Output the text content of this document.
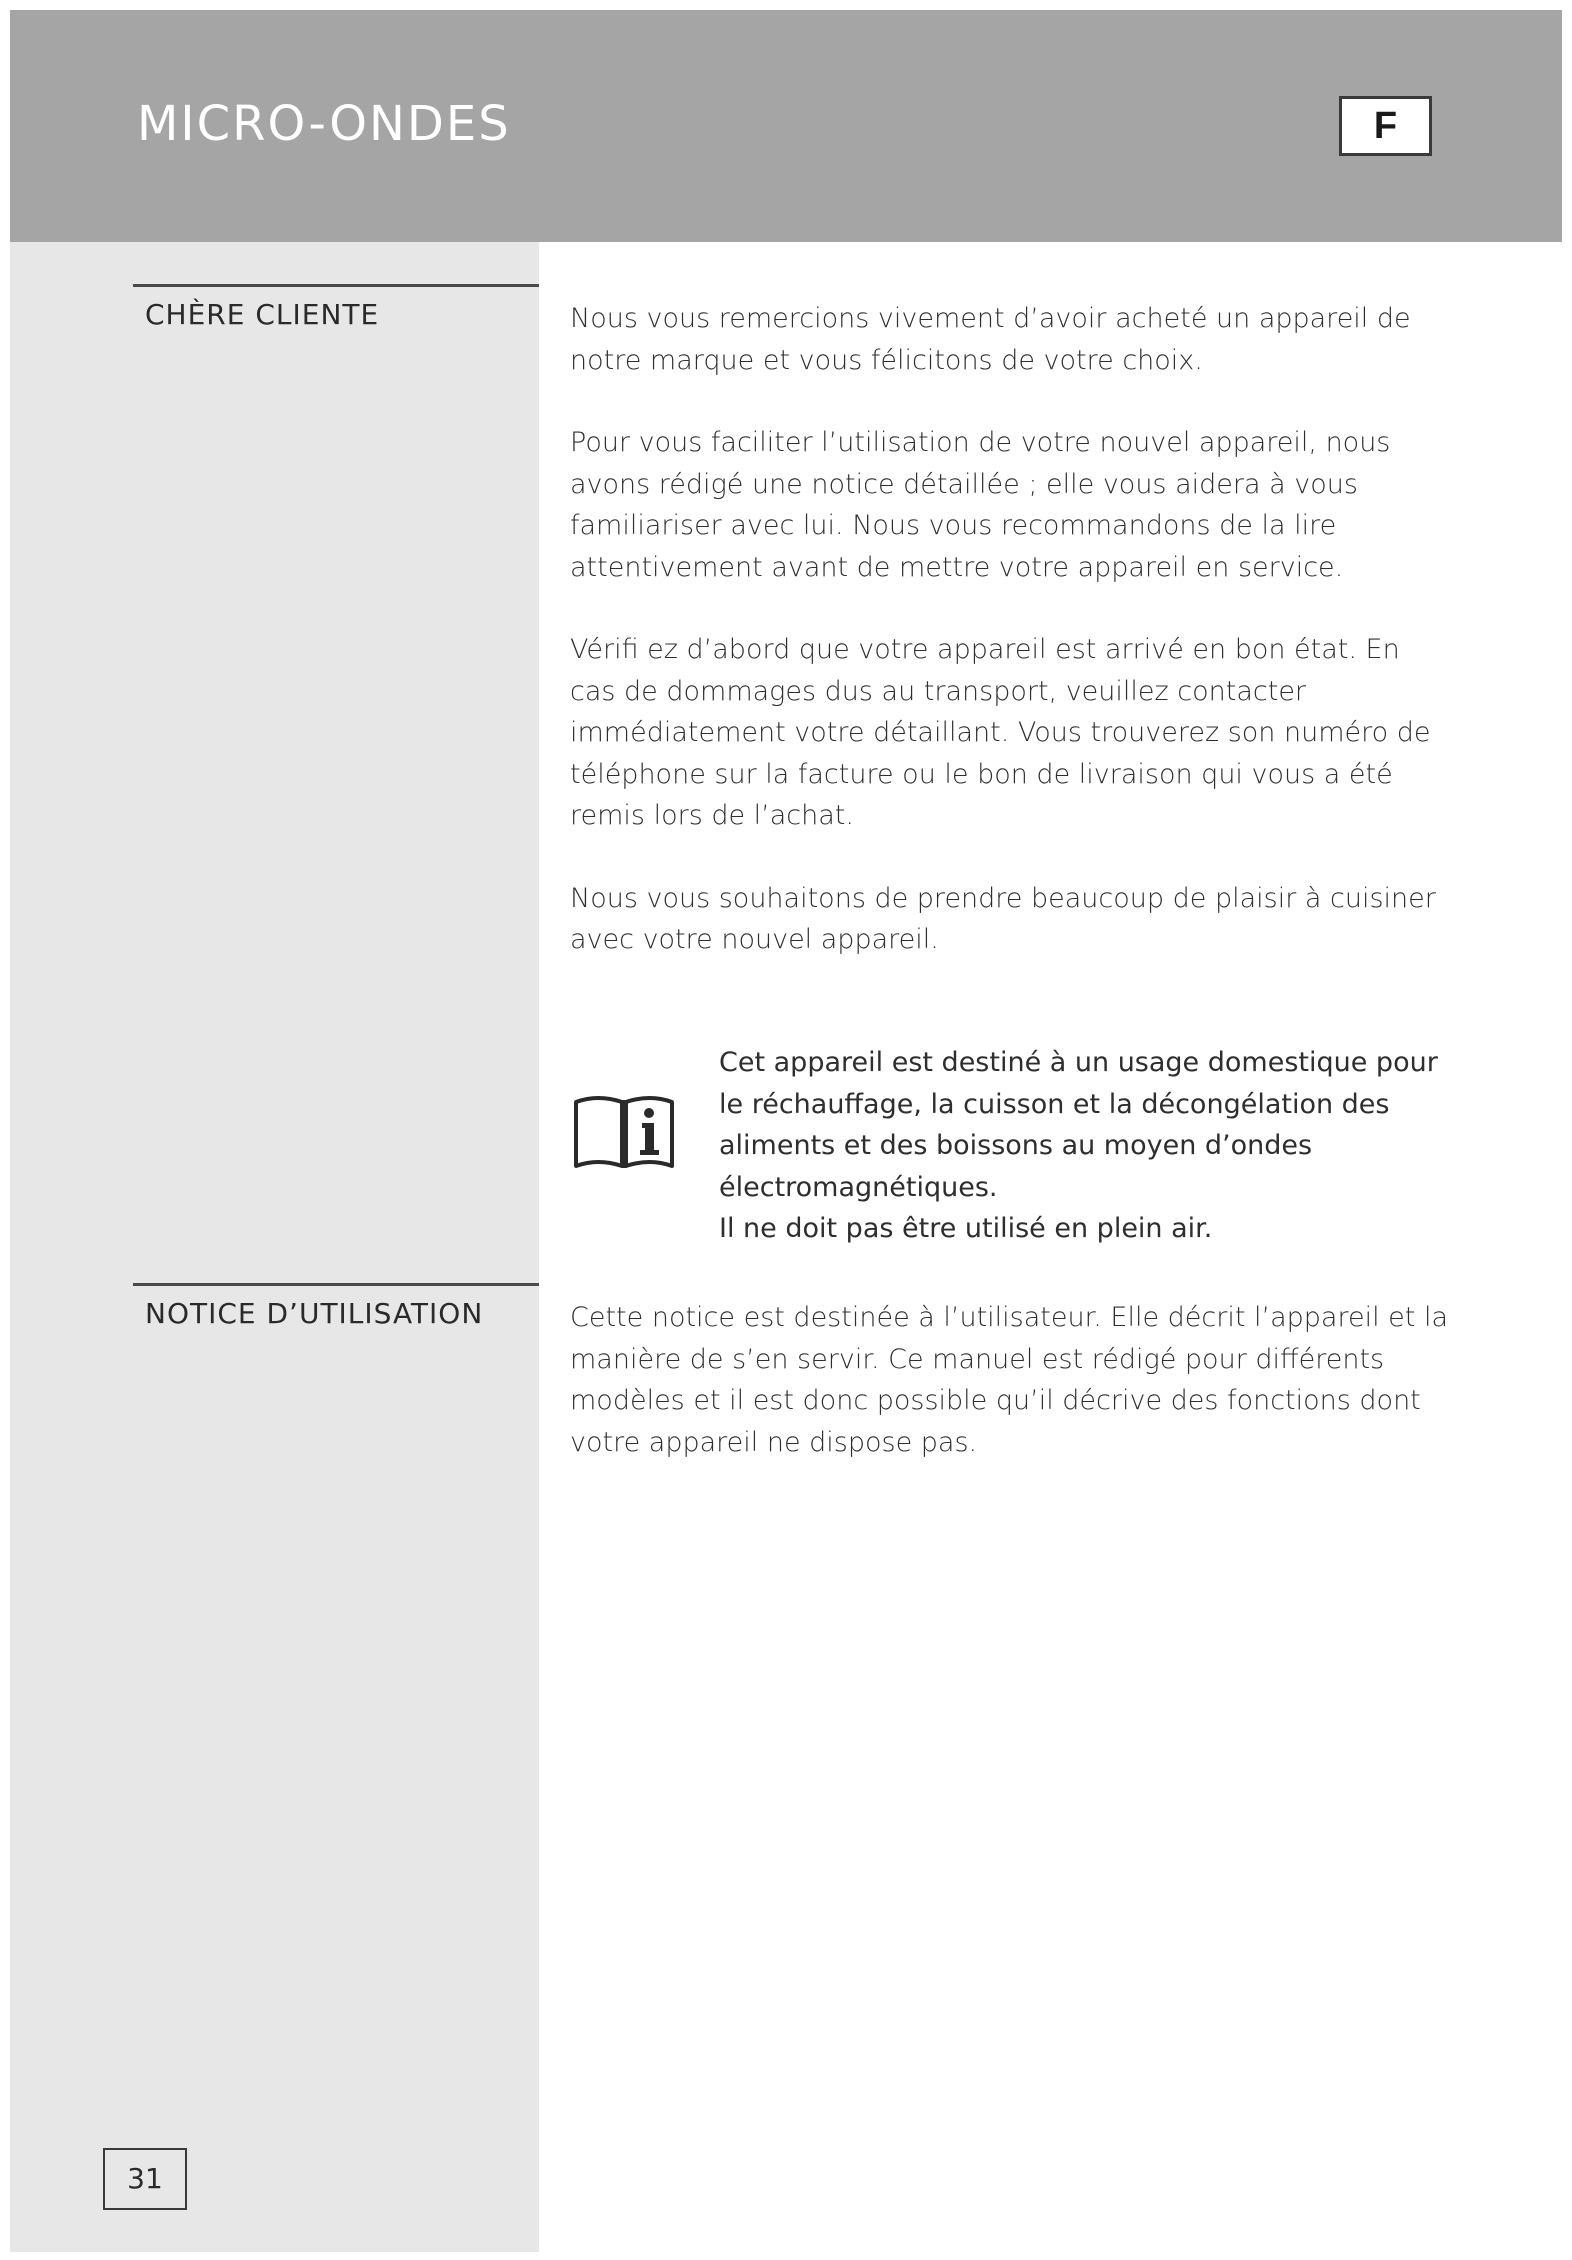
MICRO-ONDES	F
CHÈRE CLIENTE	Nous vous remercions vivement d’avoir acheté un appareil de notre marque et vous félicitons de votre choix.

Pour vous faciliter l’utilisation de votre nouvel appareil, nous avons rédigé une notice détaillée ; elle vous aidera à vous familiariser avec lui. Nous vous recommandons de la lire attentivement avant de mettre votre appareil en service.

Vérifi ez d’abord que votre appareil est arrivé en bon état. En cas de dommages dus au transport, veuillez contacter immédiatement votre détaillant. Vous trouverez son numéro de téléphone sur la facture ou le bon de livraison qui vous a été remis lors de l’achat.

Nous vous souhaitons de prendre beaucoup de plaisir à cuisiner avec votre nouvel appareil.

Cet appareil est destiné à un usage domestique pour le réchauffage, la cuisson et la décongélation des aliments et des boissons au moyen d’ondes électromagnétiques.

Il ne doit pas être utilisé en plein air.

NOTICE D’UTILISATION	Cette notice est destinée à l’utilisateur. Elle décrit l’appareil et la manière de s’en servir. Ce manuel est rédigé pour différents modèles et il est donc possible qu’il décrive des fonctions dont votre appareil ne dispose pas.

31
